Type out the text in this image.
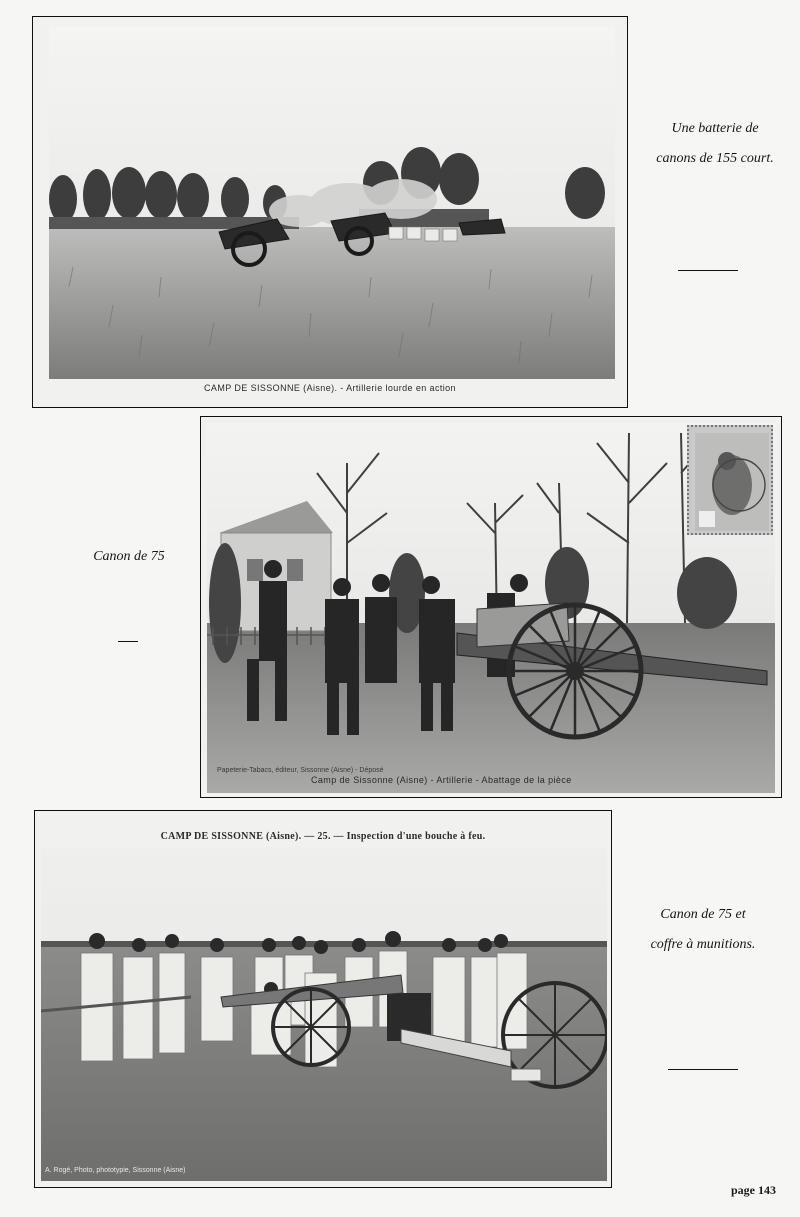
CAMP DE SISSONNE (Aisne). - Artillerie lourde en action

Une batterie de

canons de 155 court.

Papeterie-Tabacs, éditeur, Sissonne (Aisne) - Déposé
Camp de Sissonne (Aisne) - Artillerie - Abattage de la pièce

Canon de 75

CAMP DE SISSONNE (Aisne). — 25. — Inspection d'une bouche à feu.
A. Rogé, Photo, phototypie, Sissonne (Aisne)

Canon de 75 et

coffre à munitions.

page 143
